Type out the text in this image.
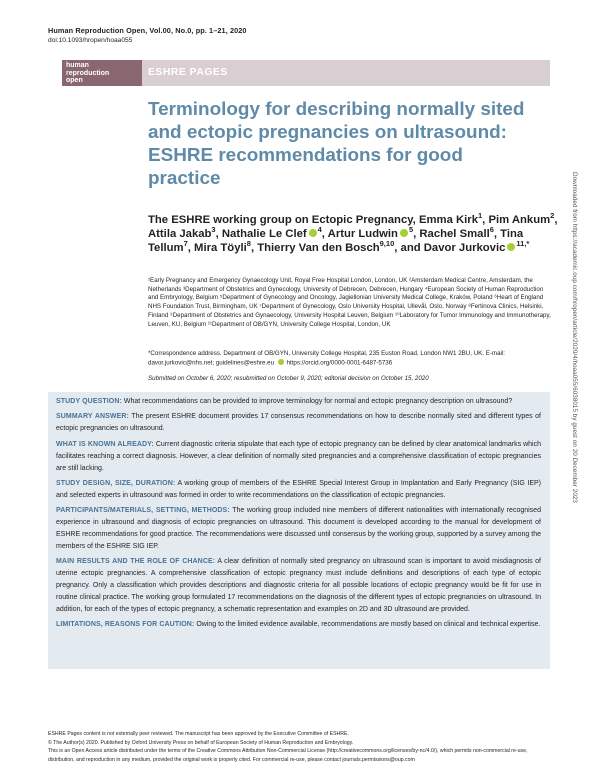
Human Reproduction Open, Vol.00, No.0, pp. 1–21, 2020
doi:10.1093/hropen/hoaa055
human
reproduction
open
ESHRE PAGES
Terminology for describing normally sited and ectopic pregnancies on ultrasound: ESHRE recommendations for good practice
The ESHRE working group on Ectopic Pregnancy, Emma Kirk$^1$, Pim Ankum$^2$, Attila Jakab$^3$, Nathalie Le Clef $^4$, Artur Ludwin $^5$, Rachel Small$^6$, Tina Tellum$^7$, Mira Töyli$^8$, Thierry Van den Bosch$^{9,10}$, and Davor Jurkovic $^{11,*}$
¹Early Pregnancy and Emergency Gynaecology Unit, Royal Free Hospital London, London, UK ²Amsterdam Medical Centre, Amsterdam, the Netherlands ³Department of Obstetrics and Gynecology, University of Debrecen, Debrecen, Hungary ⁴European Society of Human Reproduction and Embryology, Belgium ⁵Department of Gynecology and Oncology, Jagiellonian University Medical College, Kraków, Poland ⁶Heart of England NHS Foundation Trust, Birmingham, UK ⁷Department of Gynecology, Oslo University Hospital, Ullevål, Oslo, Norway ⁸Fertinova Clinics, Helsinki, Finland ⁹Department of Obstetrics and Gynaecology, University Hospital Leuven, Belgium ¹⁰Laboratory for Tumor Immunology and Immunotherapy, Leuven, KU, Belgium ¹¹Department of OB/GYN, University College Hospital, London, UK
*Correspondence address. Department of OB/GYN, University College Hospital, 235 Euston Road, London NW1 2BU, UK. E-mail: davor.jurkovic@nhs.net; guidelines@eshre.eu https://orcid.org/0000-0001-6487-5736
Submitted on October 6, 2020; resubmitted on October 9, 2020; editorial decision on October 15, 2020

STUDY QUESTION: What recommendations can be provided to improve terminology for normal and ectopic pregnancy description on ultrasound?

SUMMARY ANSWER: The present ESHRE document provides 17 consensus recommendations on how to describe normally sited and different types of ectopic pregnancies on ultrasound.

WHAT IS KNOWN ALREADY: Current diagnostic criteria stipulate that each type of ectopic pregnancy can be defined by clear anatomical landmarks which facilitates reaching a correct diagnosis. However, a clear definition of normally sited pregnancies and a comprehensive classification of ectopic pregnancies are still lacking.

STUDY DESIGN, SIZE, DURATION: A working group of members of the ESHRE Special Interest Group in Implantation and Early Pregnancy (SIG IEP) and selected experts in ultrasound was formed in order to write recommendations on the classification of ectopic pregnancies.

PARTICIPANTS/MATERIALS, SETTING, METHODS: The working group included nine members of different nationalities with internationally recognised experience in ultrasound and diagnosis of ectopic pregnancies on ultrasound. This document is developed according to the manual for development of ESHRE recommendations for good practice. The recommendations were discussed until consensus by the working group, supported by a survey among the members of the ESHRE SIG IEP.

MAIN RESULTS AND THE ROLE OF CHANCE: A clear definition of normally sited pregnancy on ultrasound scan is important to avoid misdiagnosis of uterine ectopic pregnancies. A comprehensive classification of ectopic pregnancy must include definitions and descriptions of each type of ectopic pregnancy. Only a classification which provides descriptions and diagnostic criteria for all possible locations of ectopic pregnancy would be fit for use in routine clinical practice. The working group formulated 17 recommendations on the diagnosis of the different types of ectopic pregnancies on ultrasound. In addition, for each of the types of ectopic pregnancy, a schematic representation and examples on 2D and 3D ultrasound are provided.

LIMITATIONS, REASONS FOR CAUTION: Owing to the limited evidence available, recommendations are mostly based on clinical and technical expertise.

ESHRE Pages content is not externally peer reviewed. The manuscript has been approved by the Executive Committee of ESHRE.
© The Author(s) 2020. Published by Oxford University Press on behalf of European Society of Human Reproduction and Embryology.
This is an Open Access article distributed under the terms of the Creative Commons Attribution Non-Commercial License (http://creativecommons.org/licenses/by-nc/4.0/), which permits non-commercial re-use, distribution, and reproduction in any medium, provided the original work is properly cited. For commercial re-use, please contact journals.permissions@oup.com
Downloaded from https://academic.oup.com/hropen/article/2020/4/hoaa055/6038015 by guest on 20 December 2023
